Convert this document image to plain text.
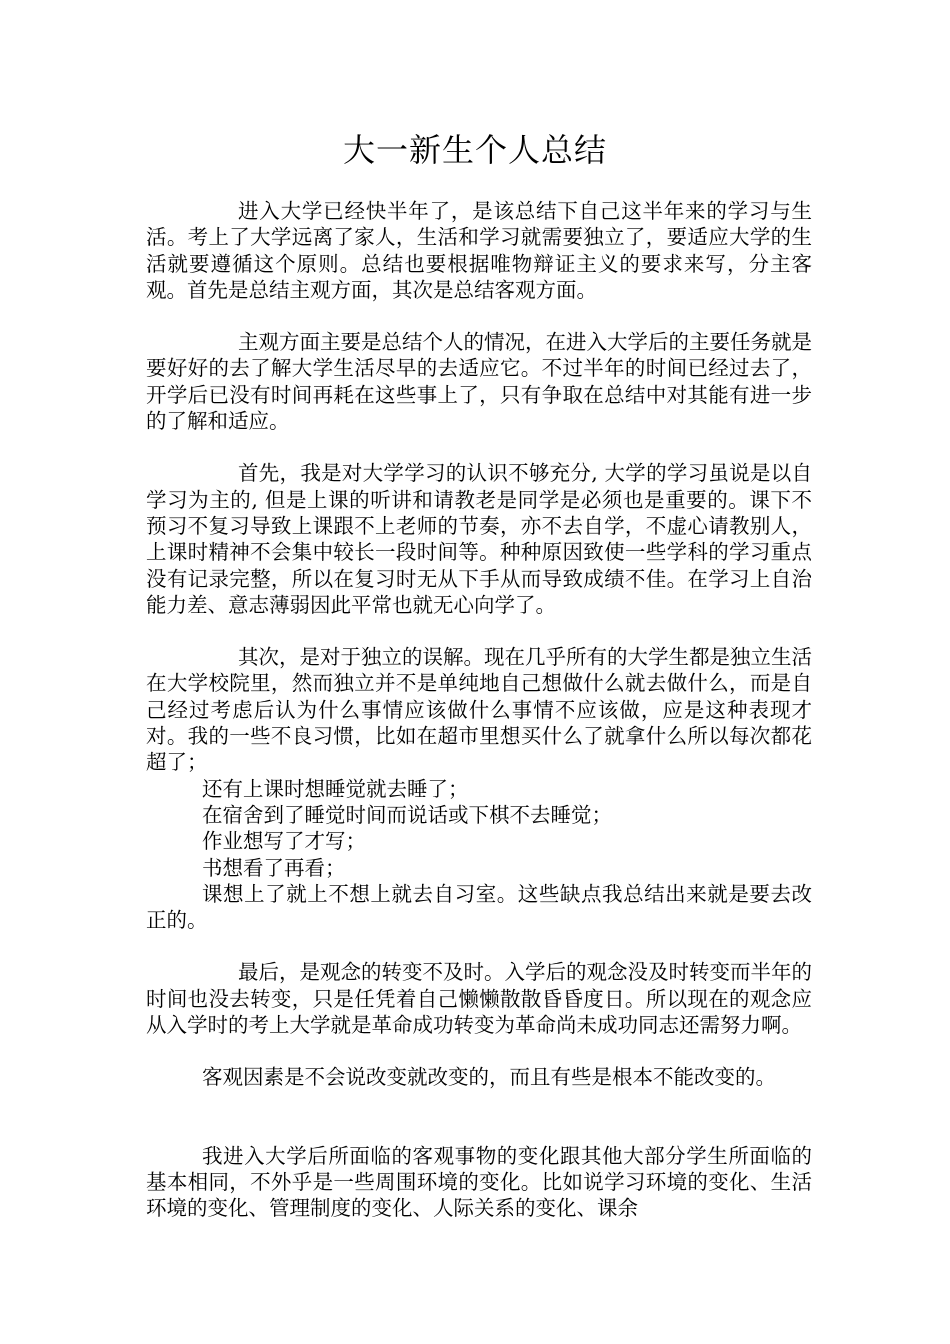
大一新生个人总结

进入大学已经快半年了，是该总结下自己这半年来的学习与生活。考上了大学远离了家人，生活和学习就需要独立了，要适应大学的生活就要遵循这个原则。总结也要根据唯物辩证主义的要求来写，分主客观。首先是总结主观方面，其次是总结客观方面。

主观方面主要是总结个人的情况，在进入大学后的主要任务就是要好好的去了解大学生活尽早的去适应它。不过半年的时间已经过去了，开学后已没有时间再耗在这些事上了，只有争取在总结中对其能有进一步的了解和适应。

首先，我是对大学学习的认识不够充分, 大学的学习虽说是以自学习为主的, 但是上课的听讲和请教老是同学是必须也是重要的。课下不预习不复习导致上课跟不上老师的节奏，亦不去自学，不虚心请教别人，上课时精神不会集中较长一段时间等。种种原因致使一些学科的学习重点没有记录完整，所以在复习时无从下手从而导致成绩不佳。在学习上自治能力差、意志薄弱因此平常也就无心向学了。

其次，是对于独立的误解。现在几乎所有的大学生都是独立生活在大学校院里，然而独立并不是单纯地自己想做什么就去做什么，而是自己经过考虑后认为什么事情应该做什么事情不应该做，应是这种表现才对。我的一些不良习惯，比如在超市里想买什么了就拿什么所以每次都花超了；

还有上课时想睡觉就去睡了；

在宿舍到了睡觉时间而说话或下棋不去睡觉；

作业想写了才写；

书想看了再看；

课想上了就上不想上就去自习室。这些缺点我总结出来就是要去改正的。

最后，是观念的转变不及时。入学后的观念没及时转变而半年的时间也没去转变，只是任凭着自己懒懒散散昏昏度日。所以现在的观念应从入学时的考上大学就是革命成功转变为革命尚未成功同志还需努力啊。

客观因素是不会说改变就改变的，而且有些是根本不能改变的。

我进入大学后所面临的客观事物的变化跟其他大部分学生所面临的基本相同，不外乎是一些周围环境的变化。比如说学习环境的变化、生活环境的变化、管理制度的变化、人际关系的变化、课余
